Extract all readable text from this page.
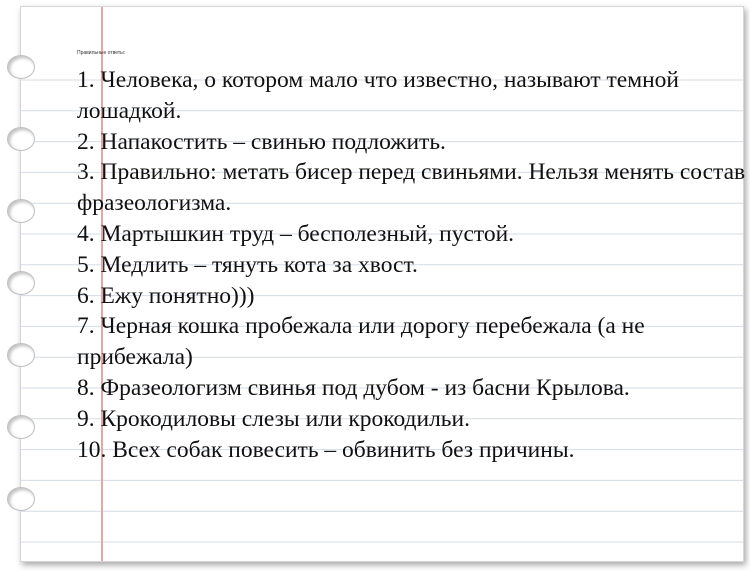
Правильные ответы:
1. Человека, о котором мало что известно, называют темной лошадкой.
2. Напакостить – свинью подложить.
3. Правильно: метать бисер перед свиньями. Нельзя менять состав фразеологизма.
4. Мартышкин труд – бесполезный, пустой.
5. Медлить – тянуть кота за хвост.
6. Ежу понятно)))
7. Черная кошка пробежала или дорогу перебежала (а не прибежала)
8. Фразеологизм свинья под дубом - из басни Крылова.
9. Крокодиловы слезы или крокодильи.
10. Всех собак повесить – обвинить без причины.
